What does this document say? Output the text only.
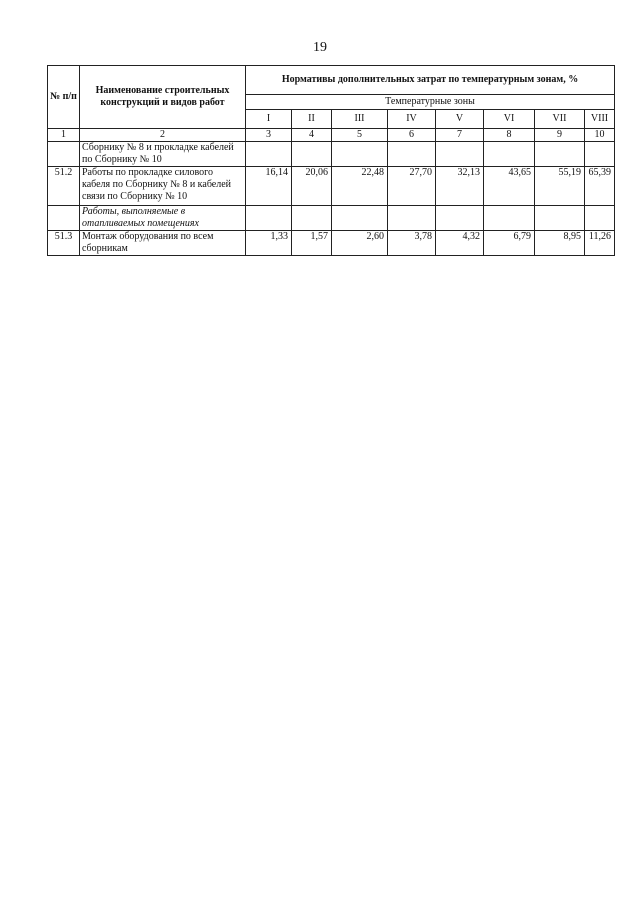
19
№ п/п	Наименование строительных конструкций и видов работ	Нормативы дополнительных затрат по температурным зонам, %							
		Температурные зоны							
		I	II	III	IV	V	VI	VII	VIII
1	2	3	4	5	6	7	8	9	10
	Сборнику № 8 и прокладке кабелей по Сборнику № 10								
51.2	Работы по прокладке силового кабеля по Сборнику № 8 и кабелей связи по Сборнику № 10	16,14	20,06	22,48	27,70	32,13	43,65	55,19	65,39
	Работы, выполняемые в отапливаемых помещениях								
51.3	Монтаж оборудования по всем сборникам	1,33	1,57	2,60	3,78	4,32	6,79	8,95	11,26
